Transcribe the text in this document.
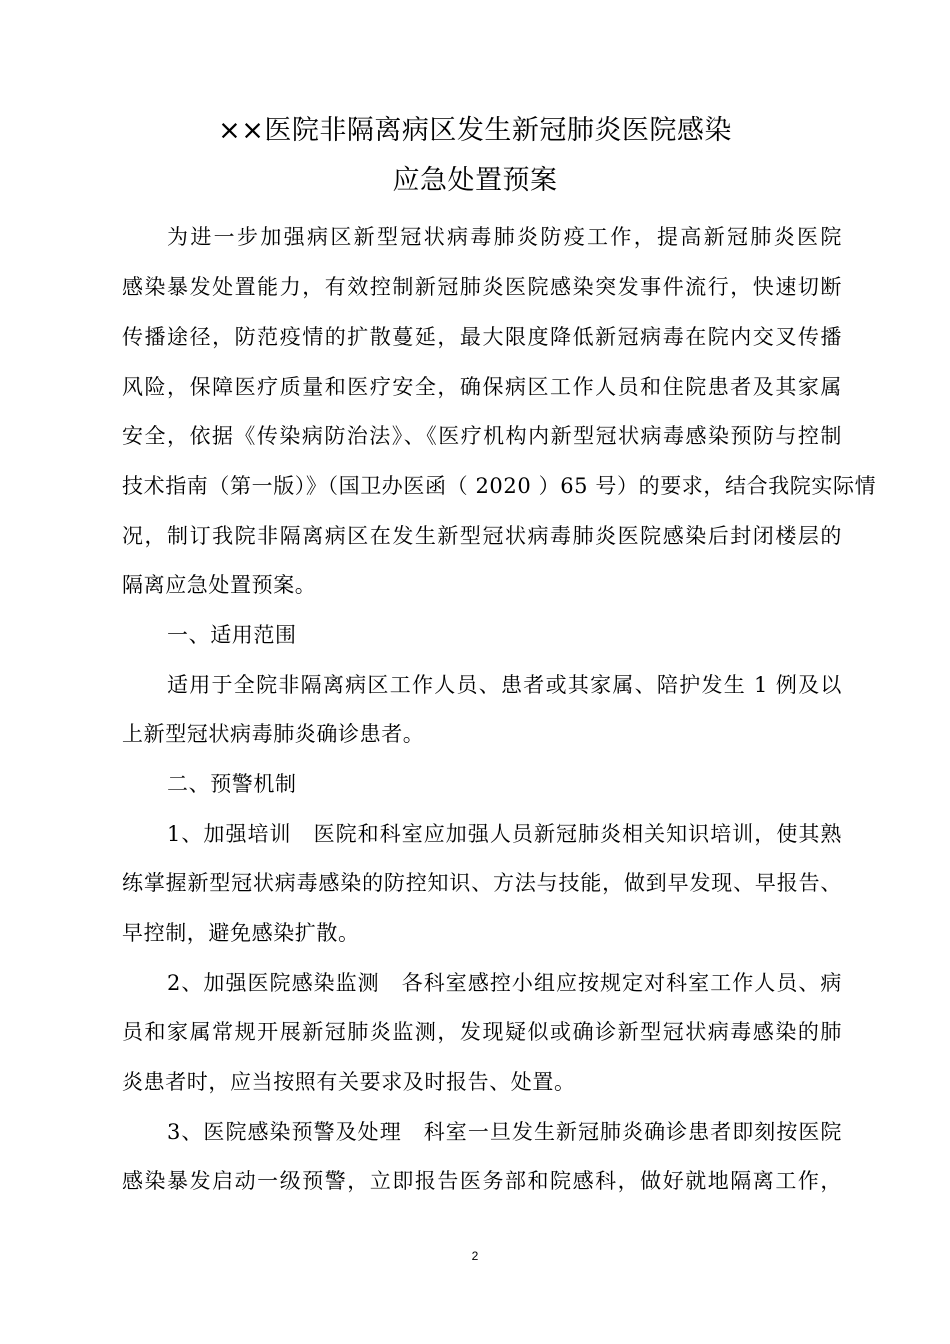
××医院非隔离病区发生新冠肺炎医院感染
应急处置预案
为进一步加强病区新型冠状病毒肺炎防疫工作，提高新冠肺炎医院
感染暴发处置能力，有效控制新冠肺炎医院感染突发事件流行，快速切断
传播途径，防范疫情的扩散蔓延，最大限度降低新冠病毒在院内交叉传播
风险，保障医疗质量和医疗安全，确保病区工作人员和住院患者及其家属
安全，依据《传染病防治法》、《医疗机构内新型冠状病毒感染预防与控制
技术指南（第一版）》（国卫办医函（ 2020 ）65 号）的要求，结合我院实际情
况，制订我院非隔离病区在发生新型冠状病毒肺炎医院感染后封闭楼层的
隔离应急处置预案。
一、适用范围
适用于全院非隔离病区工作人员、患者或其家属、陪护发生 1 例及以
上新型冠状病毒肺炎确诊患者。
二、预警机制
1、加强培训　医院和科室应加强人员新冠肺炎相关知识培训，使其熟
练掌握新型冠状病毒感染的防控知识、方法与技能，做到早发现、早报告、
早控制，避免感染扩散。
2、加强医院感染监测　各科室感控小组应按规定对科室工作人员、病
员和家属常规开展新冠肺炎监测，发现疑似或确诊新型冠状病毒感染的肺
炎患者时，应当按照有关要求及时报告、处置。
3、医院感染预警及处理　科室一旦发生新冠肺炎确诊患者即刻按医院
感染暴发启动一级预警，立即报告医务部和院感科，做好就地隔离工作，
2
